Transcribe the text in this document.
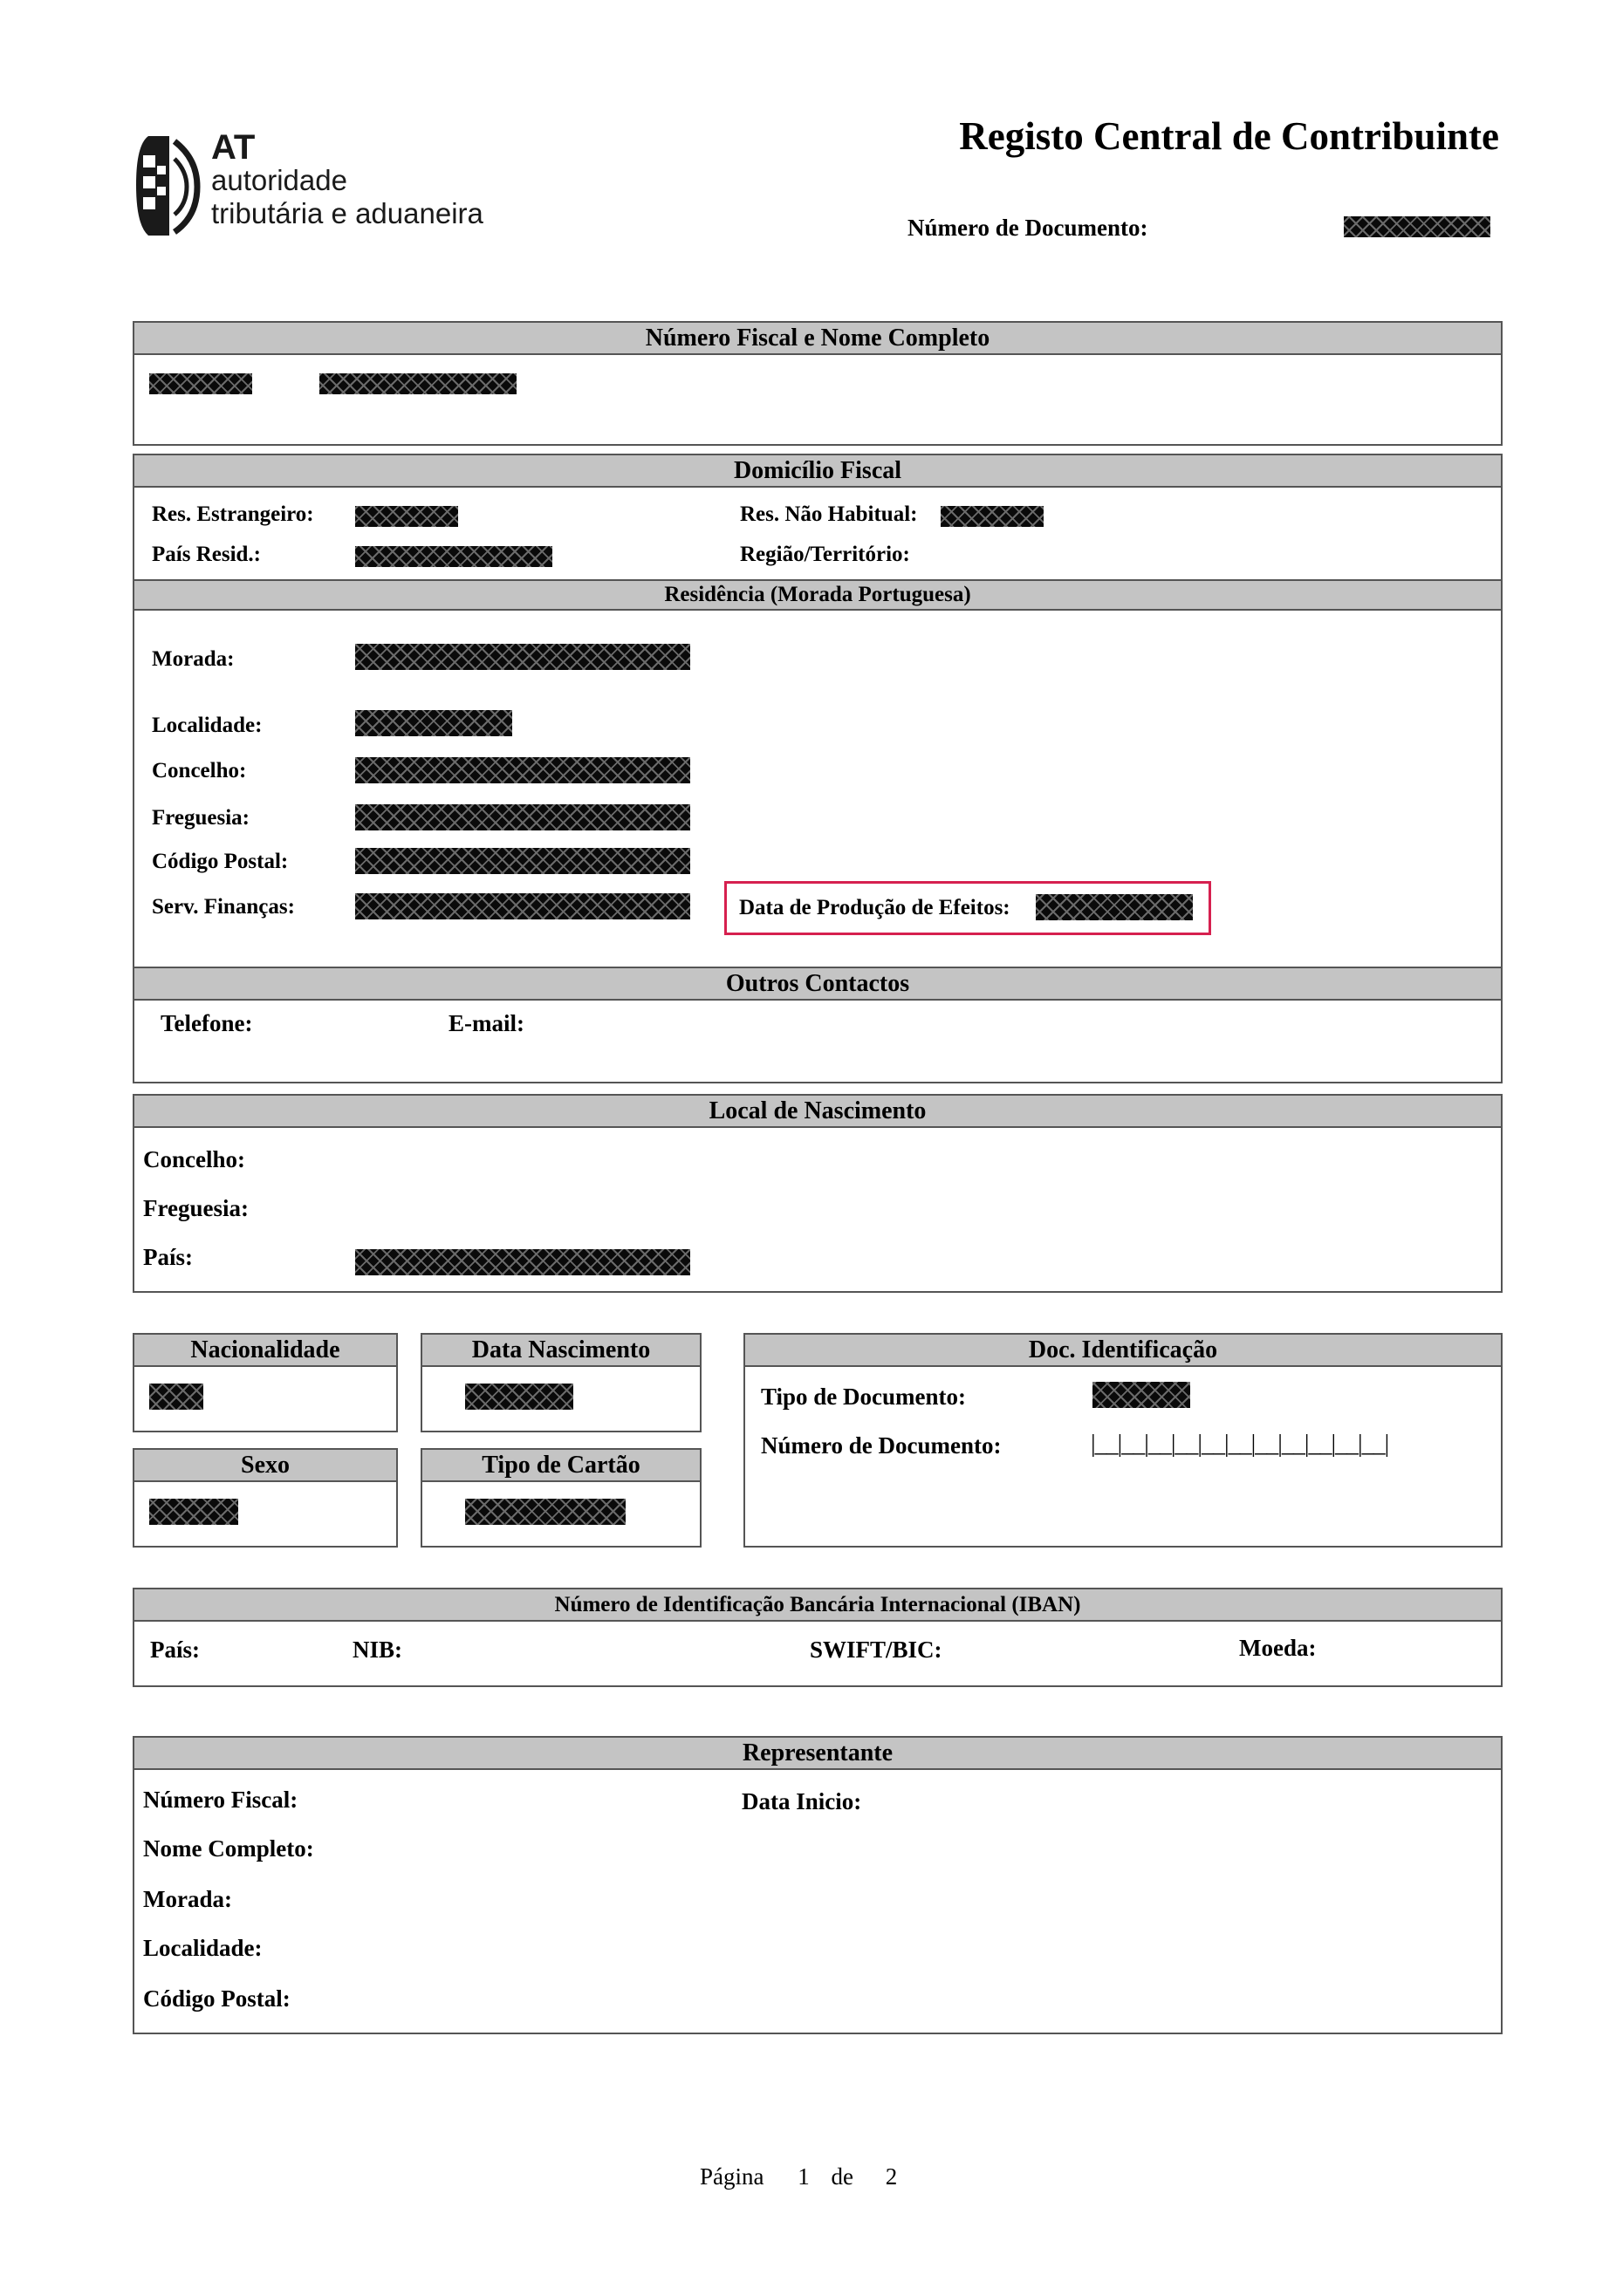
AT
autoridade
tributária e aduaneira
Registo Central de Contribuinte
Número de Documento:
Número Fiscal e Nome Completo
Domicílio Fiscal
Res. Estrangeiro:	Res. Não Habitual:
País Resid.:	Região/Território:
Residência (Morada Portuguesa)
Morada:
Localidade:
Concelho:
Freguesia:
Código Postal:
Serv. Finanças:	Data de Produção de Efeitos:
Outros Contactos
Telefone:	E-mail:
Local de Nascimento
Concelho:
Freguesia:
País:
Nacionalidade	Data Nascimento
Sexo	Tipo de Cartão
Doc. Identificação
Tipo de Documento:
Número de Documento:	|__|__|__|__|__|__|__|__|__|__|__|
Número de Identificação Bancária Internacional (IBAN)
País:	NIB:	SWIFT/BIC:	Moeda:
Representante
Número Fiscal:	Data Inicio:
Nome Completo:
Morada:
Localidade:
Código Postal:
Página 1 de 2
